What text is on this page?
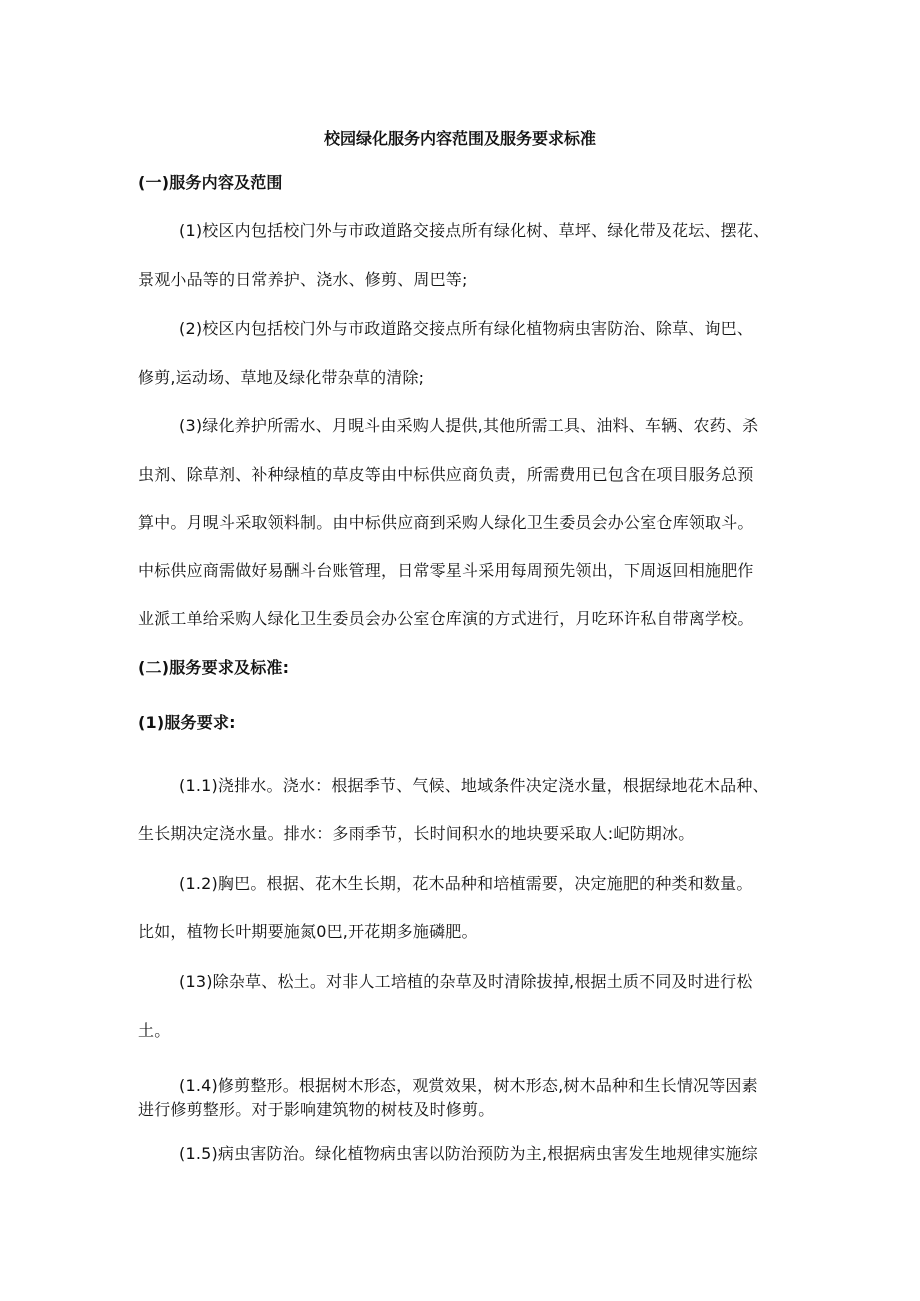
校园绿化服务内容范围及服务要求标准
(一)服务内容及范围
(1)校区内包括校门外与市政道路交接点所有绿化树、草坪、绿化带及花坛、摆花、
景观小品等的日常养护、浇水、修剪、周巴等;
(2)校区内包括校门外与市政道路交接点所有绿化植物病虫害防治、除草、询巴、
修剪,运动场、草地及绿化带杂草的清除;
(3)绿化养护所需水、月晛斗由采购人提供,其他所需工具、油料、车辆、农药、杀
虫剂、除草剂、补种绿植的草皮等由中标供应商负责，所需费用已包含在项目服务总预
算中。月晛斗采取领料制。由中标供应商到采购人绿化卫生委员会办公室仓库领取斗。
中标供应商需做好易酬斗台账管理，日常零星斗采用每周预先领出，下周返回相施肥作
业派工单给采购人绿化卫生委员会办公室仓库演的方式进行，月吃环许私自带离学校。
(二)服务要求及标准:
(1)服务要求:
(1.1)浇排水。浇水：根据季节、气候、地域条件决定浇水量，根据绿地花木品种、
生长期决定浇水量。排水：多雨季节，长时间积水的地块要采取人:屺防期冰。
(1.2)胸巴。根据、花木生长期，花木品种和培植需要，决定施肥的种类和数量。
比如，植物长叶期要施氮0巴,开花期多施磷肥。
(13)除杂草、松土。对非人工培植的杂草及时清除拔掉,根据土质不同及时进行松
土。
(1.4)修剪整形。根据树木形态，观赏效果，树木形态,树木品种和生长情况等因素
进行修剪整形。对于影响建筑物的树枝及时修剪。
(1.5)病虫害防治。绿化植物病虫害以防治预防为主,根据病虫害发生地规律实施综
